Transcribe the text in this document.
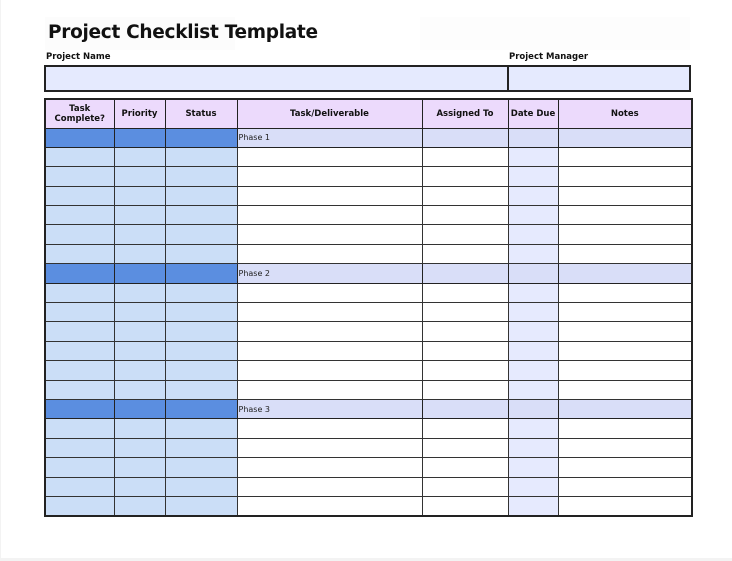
Project Checklist Template
Project Name	Project Manager
Task Complete?	Priority	Status	Task/Deliverable	Assigned To	Date Due	Notes
			Phase 1			

			Phase 2			

			Phase 3			
